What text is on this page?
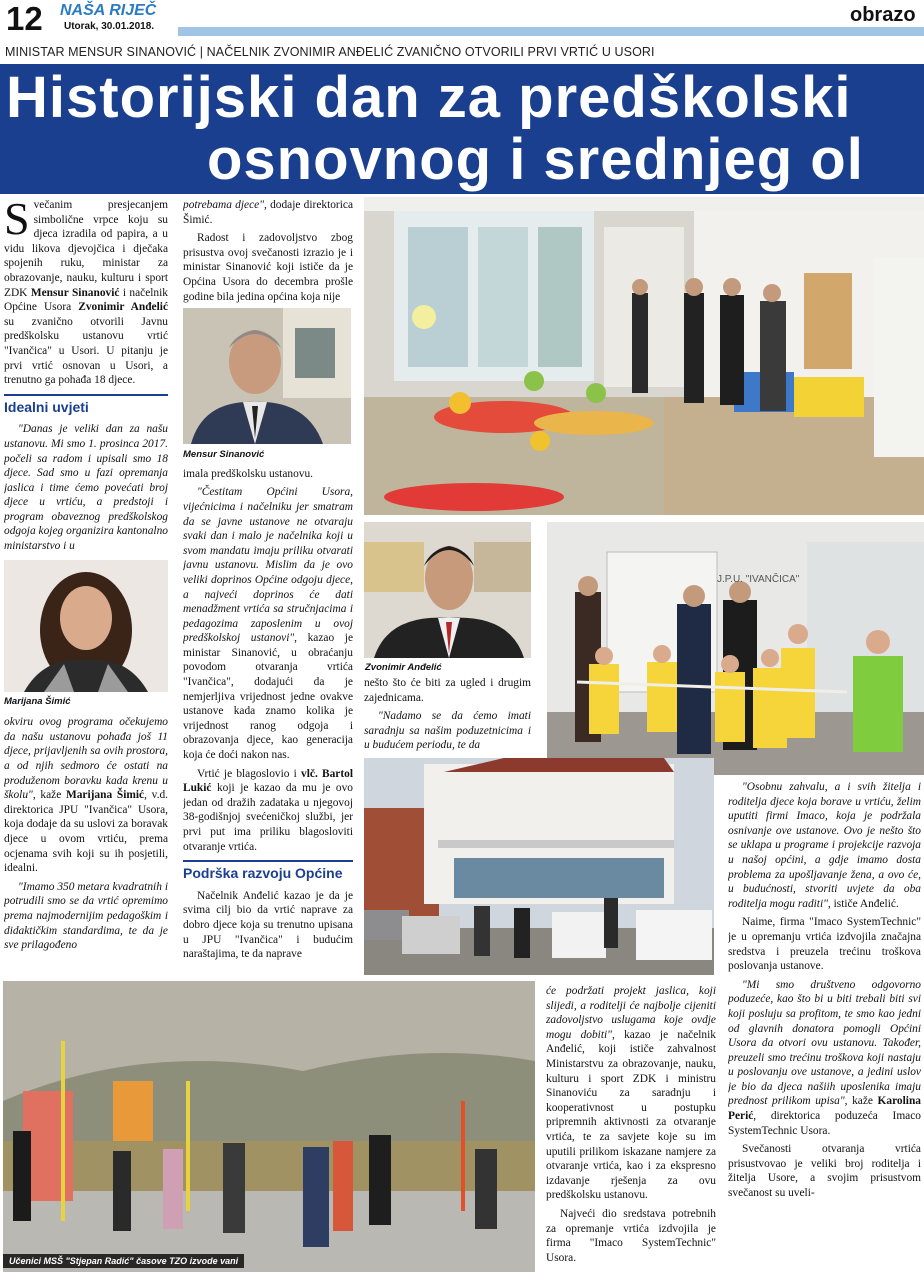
12 NAŠA RIJEČ
Utorak, 30.01.2018.
obrazo
MINISTAR MENSUR SINANOVIĆ | NAČELNIK ZVONIMIR ANĐELIĆ ZVANIČNO OTVORILI PRVI VRTIĆ U USORI
Historijski dan za predškolski
osnovnog i srednjeg ol

Svečanim presjecanjem simbolične vrpce koju su djeca izradila od papira, a u vidu likova djevojčica i dječaka spojenih ruku, ministar za obrazovanje, nauku, kulturu i sport ZDK Mensur Sinanović i načelnik Općine Usora Zvonimir Anđelić su zvanično otvorili Javnu predškolsku ustanovu vrtić "Ivančica" u Usori. U pitanju je prvi vrtić osnovan u Usori, a trenutno ga pohađa 18 djece.

Idealni uvjeti

"Danas je veliki dan za našu ustanovu. Mi smo 1. prosinca 2017. počeli sa radom i upisali smo 18 djece. Sad smo u fazi opremanja jaslica i time ćemo povećati broj djece u vrtiću, a predstoji i program obaveznog predškolskog odgoja kojeg organizira kantonalno ministarstvo i u

Marijana Šimić

okviru ovog programa očekujemo da našu ustanovu pohađa još 11 djece, prijavljenih sa ovih prostora, a od njih sedmoro će ostati na produženom boravku kada krenu u školu", kaže Marijana Šimić, v.d. direktorica JPU "Ivančica" Usora, koja dodaje da su uslovi za boravak djece u ovom vrtiću, prema ocjenama svih koji su ih posjetili, idealni.

"Imamo 350 metara kvadratnih i potrudili smo se da vrtić opremimo prema najmodernijim pedagoškim i didaktičkim standardima, te da je sve prilagođeno

potrebama djece", dodaje direktorica Šimić.

Radost i zadovoljstvo zbog prisustva ovoj svečanosti izrazio je i ministar Sinanović koji ističe da je Općina Usora do decembra prošle godine bila jedina općina koja nije

Mensur Sinanović

imala predškolsku ustanovu.

"Čestitam Općini Usora, vijećnicima i načelniku jer smatram da se javne ustanove ne otvaraju svaki dan i malo je načelnika koji u svom mandatu imaju priliku otvarati javnu ustanovu. Mislim da je ovo veliki doprinos Općine odgoju djece, a najveći doprinos će dati menadžment vrtića sa stručnjacima i pedagozima zaposlenim u ovoj predškolskoj ustanovi", kazao je ministar Sinanović, u obraćanju povodom otvaranja vrtića "Ivančica", dodajući da je nemjerljiva vrijednost jedne ovakve ustanove kada znamo kolika je vrijednost ranog odgoja i obrazovanja djece, kao generacija koja će doći nakon nas.

Vrtić je blagoslovio i vlč. Bartol Lukić koji je kazao da mu je ovo jedan od dražih zadataka u njegovoj 38-godišnjoj svećeničkoj službi, jer prvi put ima priliku blagosloviti otvaranje vrtića.

Podrška razvoju Općine

Načelnik Anđelić kazao je da je svima cilj bio da vrtić naprave za dobro djece koja su trenutno upisana u JPU "Ivančica" i budućim naraštajima, te da naprave

Zvonimir Anđelić

nešto što će biti za ugled i drugim zajednicama.

"Nadamo se da ćemo imati saradnju sa našim poduzetnicima i u budućem periodu, te da

J.P.U. "IVANČICA"

"Osobnu zahvalu, a i svih žitelja i roditelja djece koja borave u vrtiću, želim uputiti firmi Imaco, koja je podržala osnivanje ove ustanove. Ovo je nešto što se uklapa u programe i projekcije razvoja u našoj općini, a gdje imamo dosta problema za upošljavanje žena, a ovo će, u budućnosti, stvoriti uvjete da oba roditelja mogu raditi", ističe Anđelić.

Naime, firma "Imaco SystemTechnic" je u opremanju vrtića izdvojila značajna sredstva i preuzela trećinu troškova poslovanja ustanove.

"Mi smo društveno odgovorno poduzeće, kao što bi u biti trebali biti svi koji posluju sa profitom, te smo kao jedni od glavnih donatora pomogli Općini Usora da otvori ovu ustanovu. Također, preuzeli smo trećinu troškova koji nastaju u poslovanju ove ustanove, a jedini uslov je bio da djeca našiih uposlenika imaju prednost prilikom upisa", kaže Karolina Perić, direktorica poduzeća Imaco SystemTechnic Usora.

Svečanosti otvaranja vrtića prisustvovao je veliki broj roditelja i žitelja Usore, a svojim prisustvom svečanost su uveli-

Učenici MSŠ "Stjepan Radić" časove TZO izvode vani

će podržati projekt jaslica, koji slijedi, a roditelji će najbolje cijeniti zadovoljstvo uslugama koje ovdje mogu dobiti", kazao je načelnik Anđelić, koji ističe zahvalnost Ministarstvu za obrazovanje, nauku, kulturu i sport ZDK i ministru Sinanoviću za saradnju i kooperativnost u postupku pripremnih aktivnosti za otvaranje vrtića, te za savjete koje su im uputili prilikom iskazane namjere za otvaranje vrtića, kao i za ekspresno izdavanje rješenja za ovu predškolsku ustanovu.

Najveći dio sredstava potrebnih za opremanje vrtića izdvojila je firma "Imaco SystemTechnic" Usora.
